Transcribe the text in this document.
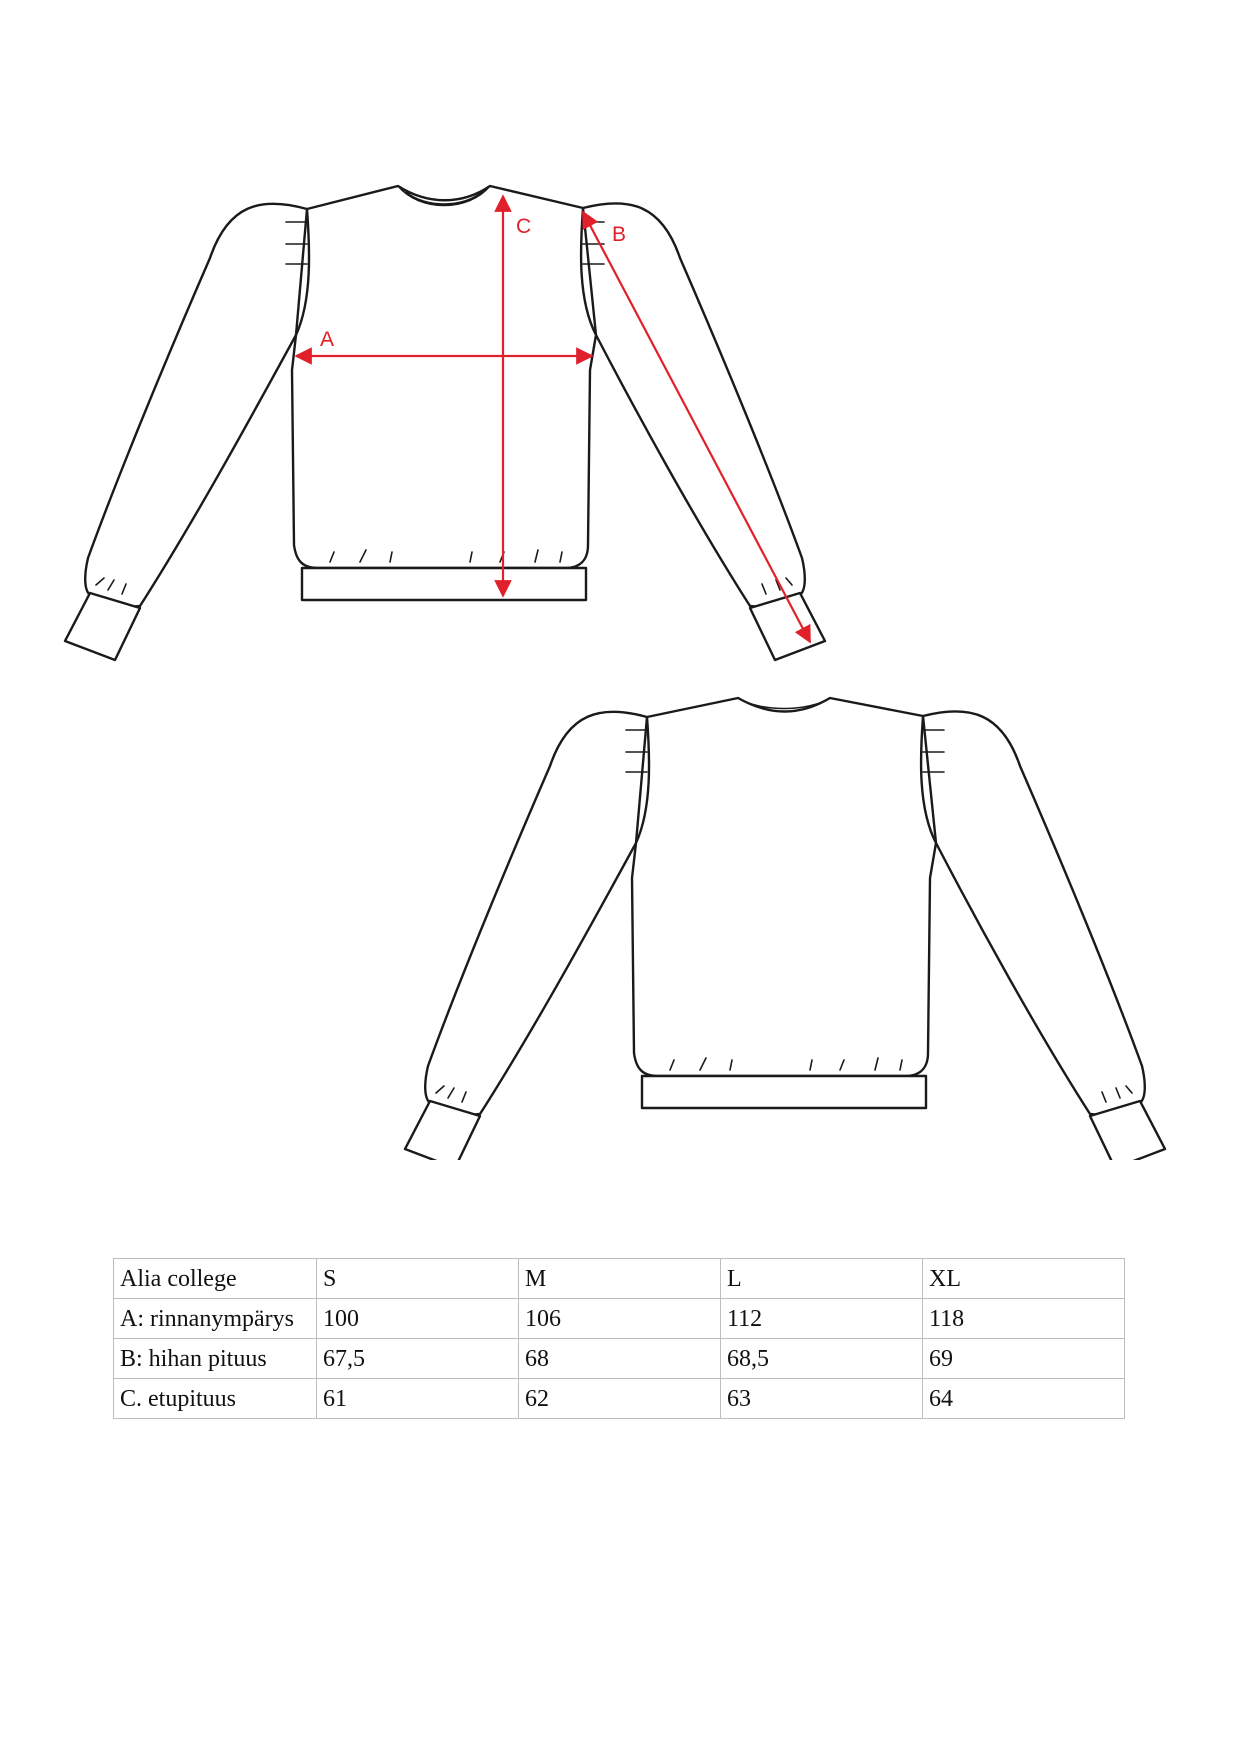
A
C	B
Alia college	S	M	L	XL
A: rinnanympärys	100	106	112	118
B: hihan pituus	67,5	68	68,5	69
C. etupituus	61	62	63	64
